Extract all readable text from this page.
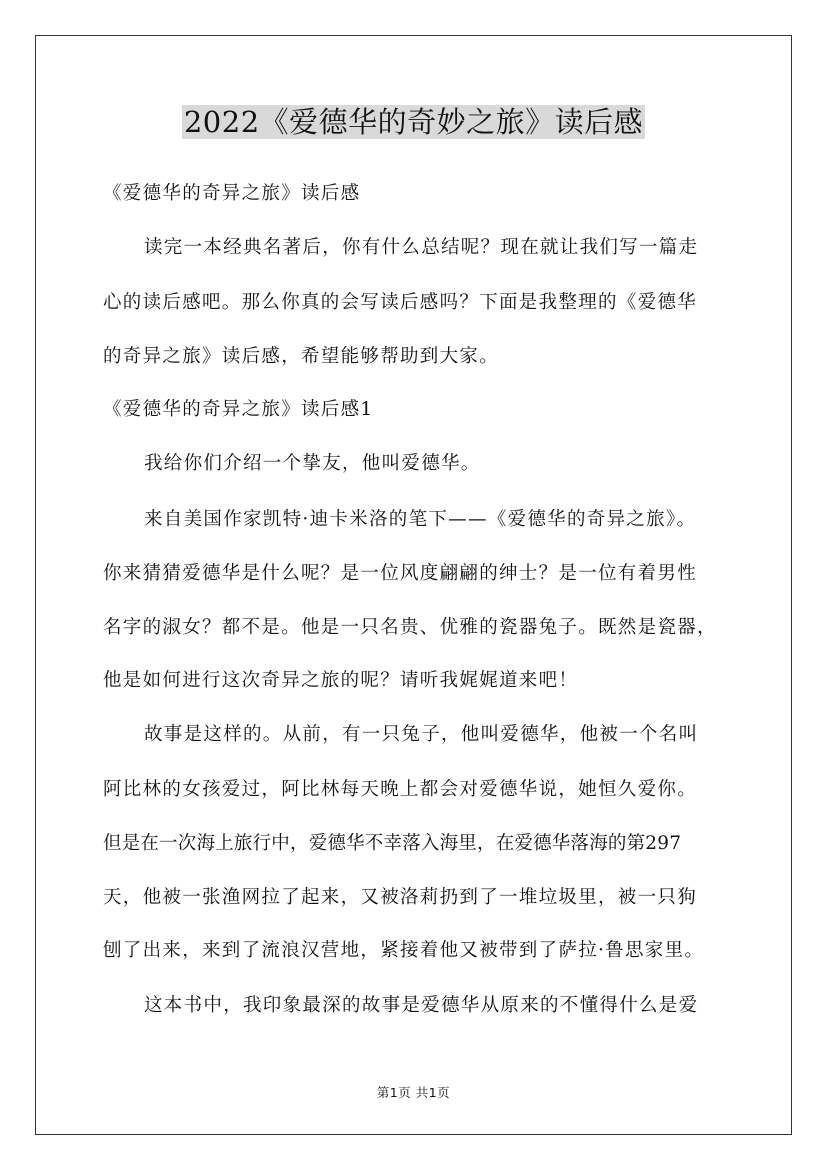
2022《爱德华的奇妙之旅》读后感
《爱德华的奇异之旅》读后感
读完一本经典名著后，你有什么总结呢？现在就让我们写一篇走
心的读后感吧。那么你真的会写读后感吗？下面是我整理的《爱德华
的奇异之旅》读后感，希望能够帮助到大家。
《爱德华的奇异之旅》读后感1
我给你们介绍一个挚友，他叫爱德华。
来自美国作家凯特·迪卡米洛的笔下——《爱德华的奇异之旅》。
你来猜猜爱德华是什么呢？是一位风度翩翩的绅士？是一位有着男性
名字的淑女？都不是。他是一只名贵、优雅的瓷器兔子。既然是瓷器，
他是如何进行这次奇异之旅的呢？请听我娓娓道来吧！
故事是这样的。从前，有一只兔子，他叫爱德华，他被一个名叫
阿比林的女孩爱过，阿比林每天晚上都会对爱德华说，她恒久爱你。
但是在一次海上旅行中，爱德华不幸落入海里，在爱德华落海的第297
天，他被一张渔网拉了起来，又被洛莉扔到了一堆垃圾里，被一只狗
刨了出来，来到了流浪汉营地，紧接着他又被带到了萨拉·鲁思家里。
这本书中，我印象最深的故事是爱德华从原来的不懂得什么是爱
第1页 共1页
